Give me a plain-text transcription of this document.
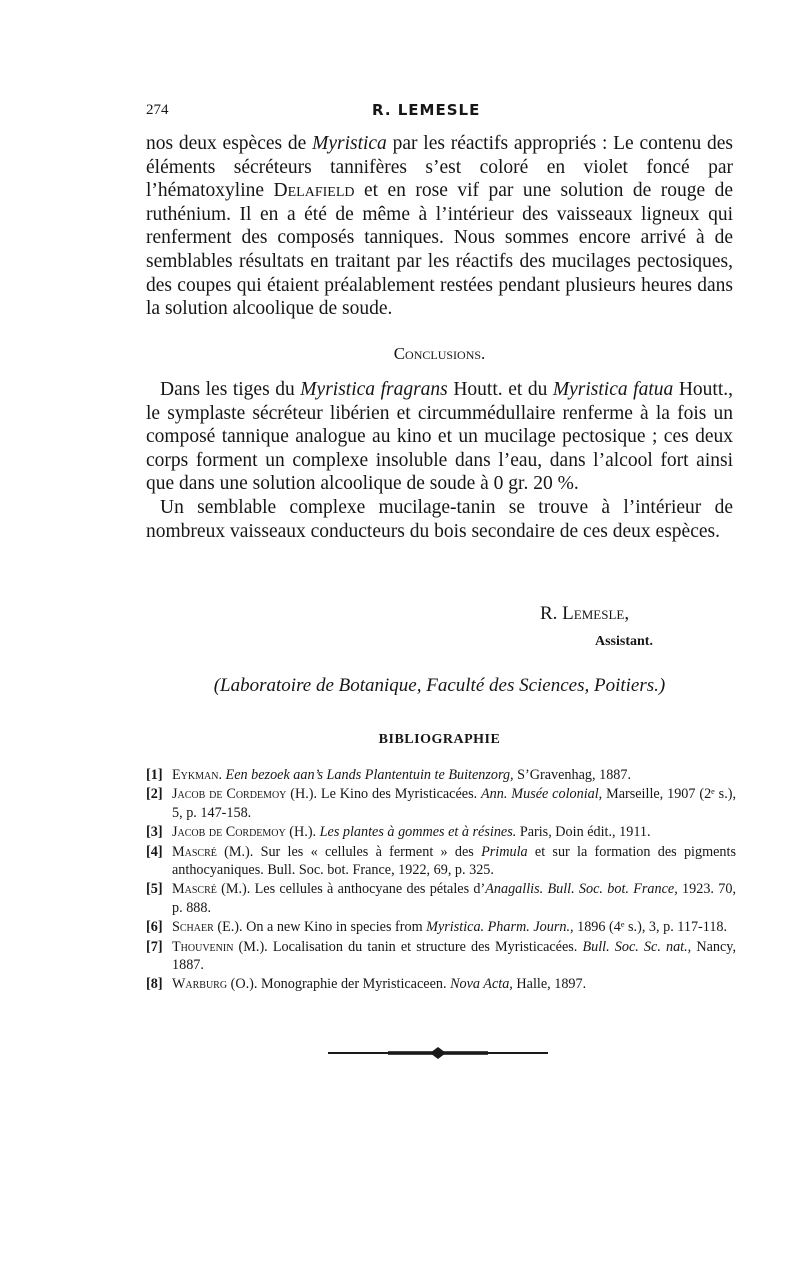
274	R. LEMESLE

nos deux espèces de Myristica par les réactifs appropriés : Le contenu des éléments sécréteurs tannifères s’est coloré en violet foncé par l’hématoxyline Delafield et en rose vif par une solution de rouge de ruthénium. Il en a été de même à l’intérieur des vaisseaux ligneux qui renferment des composés tanniques. Nous sommes encore arrivé à de semblables résultats en traitant par les réactifs des mucilages pectosiques, des coupes qui étaient préalablement restées pendant plusieurs heures dans la solution alcoolique de soude.

Conclusions.

Dans les tiges du Myristica fragrans Houtt. et du Myristica fatua Houtt., le symplaste sécréteur libérien et circummédullaire renferme à la fois un composé tannique analogue au kino et un mucilage pectosique ; ces deux corps forment un complexe insoluble dans l’eau, dans l’alcool fort ainsi que dans une solution alcoolique de soude à 0 gr. 20 %.

Un semblable complexe mucilage-tanin se trouve à l’intérieur de nombreux vaisseaux conducteurs du bois secondaire de ces deux espèces.

R. Lemesle,
Assistant.
(Laboratoire de Botanique, Faculté des Sciences, Poitiers.)
BIBLIOGRAPHIE
[1] Eykman. Een bezoek aan’s Lands Plantentuin te Buitenzorg, S’Gravenhag, 1887.
[2] Jacob de Cordemoy (H.). Le Kino des Myristicacées. Ann. Musée colonial, Marseille, 1907 (2ᵉ s.), 5, p. 147-158.
[3] Jacob de Cordemoy (H.). Les plantes à gommes et à résines. Paris, Doin édit., 1911.
[4] Mascré (M.). Sur les « cellules à ferment » des Primula et sur la formation des pigments anthocyaniques. Bull. Soc. bot. France, 1922, 69, p. 325.
[5] Mascré (M.). Les cellules à anthocyane des pétales d’Anagallis. Bull. Soc. bot. France, 1923. 70, p. 888.
[6] Schaer (E.). On a new Kino in species from Myristica. Pharm. Journ., 1896 (4ᵉ s.), 3, p. 117-118.
[7] Thouvenin (M.). Localisation du tanin et structure des Myristicacées. Bull. Soc. Sc. nat., Nancy, 1887.
[8] Warburg (O.). Monographie der Myristicaceen. Nova Acta, Halle, 1897.
